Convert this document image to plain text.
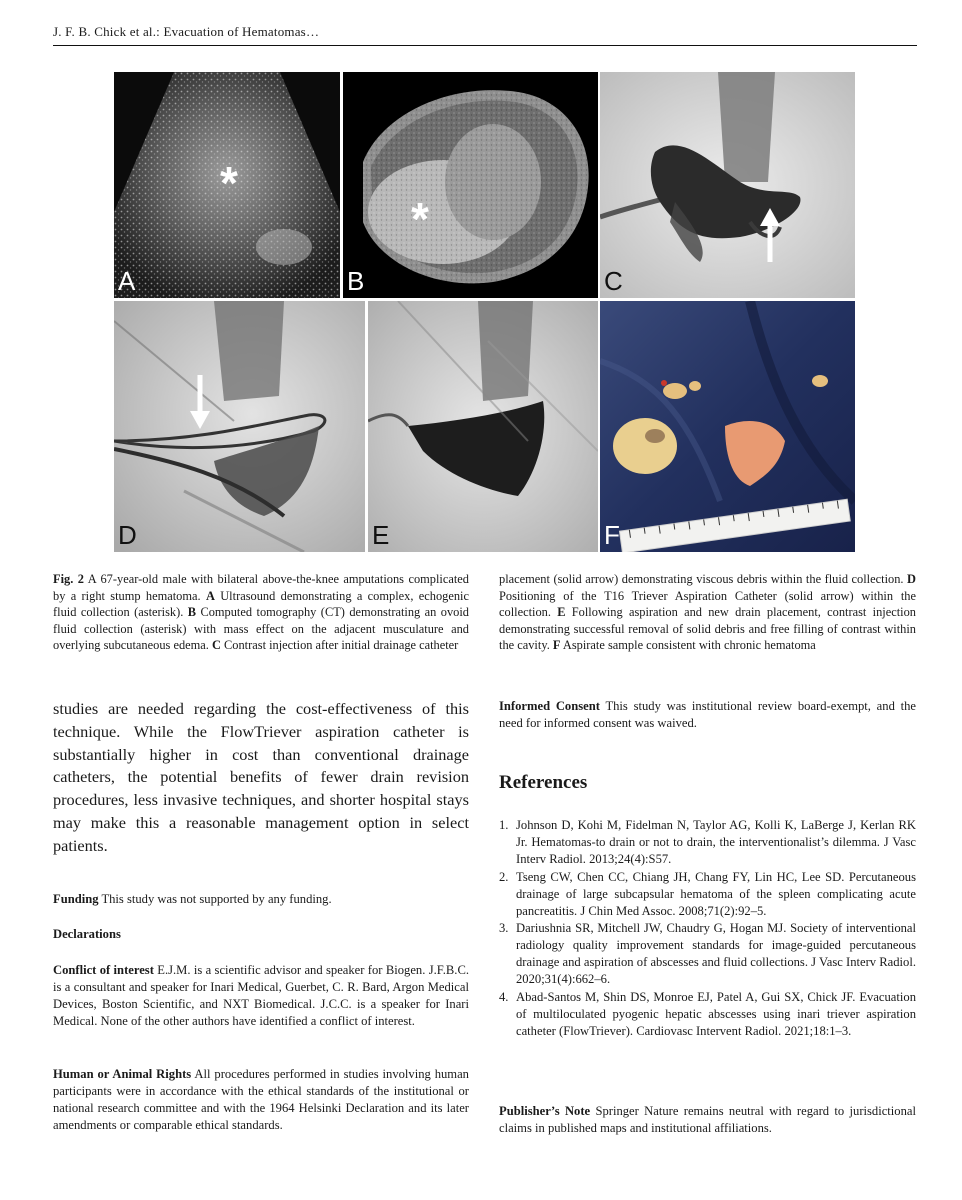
J. F. B. Chick et al.: Evacuation of Hematomas…
*
A
*
B	C
D	E	F
Fig. 2 A 67-year-old male with bilateral above-the-knee amputations complicated by a right stump hematoma. A Ultrasound demonstrating a complex, echogenic fluid collection (asterisk). B Computed tomography (CT) demonstrating an ovoid fluid collection (asterisk) with mass effect on the adjacent musculature and overlying subcutaneous edema. C Contrast injection after initial drainage catheter
placement (solid arrow) demonstrating viscous debris within the fluid collection. D Positioning of the T16 Triever Aspiration Catheter (solid arrow) within the collection. E Following aspiration and new drain placement, contrast injection demonstrating successful removal of solid debris and free filling of contrast within the cavity. F Aspirate sample consistent with chronic hematoma
studies are needed regarding the cost-effectiveness of this technique. While the FlowTriever aspiration catheter is substantially higher in cost than conventional drainage catheters, the potential benefits of fewer drain revision procedures, less invasive techniques, and shorter hospital stays may make this a reasonable management option in select patients.
Funding This study was not supported by any funding.
Declarations
Conflict of interest E.J.M. is a scientific advisor and speaker for Biogen. J.F.B.C. is a consultant and speaker for Inari Medical, Guerbet, C. R. Bard, Argon Medical Devices, Boston Scientific, and NXT Biomedical. J.C.C. is a speaker for Inari Medical. None of the other authors have identified a conflict of interest.
Human or Animal Rights All procedures performed in studies involving human participants were in accordance with the ethical standards of the institutional or national research committee and with the 1964 Helsinki Declaration and its later amendments or comparable ethical standards.
Informed Consent This study was institutional review board-exempt, and the need for informed consent was waived.
References
1. Johnson D, Kohi M, Fidelman N, Taylor AG, Kolli K, LaBerge J, Kerlan RK Jr. Hematomas-to drain or not to drain, the interventionalist’s dilemma. J Vasc Interv Radiol. 2013;24(4):S57.
2. Tseng CW, Chen CC, Chiang JH, Chang FY, Lin HC, Lee SD. Percutaneous drainage of large subcapsular hematoma of the spleen complicating acute pancreatitis. J Chin Med Assoc. 2008;71(2):92–5.
3. Dariushnia SR, Mitchell JW, Chaudry G, Hogan MJ. Society of interventional radiology quality improvement standards for image-guided percutaneous drainage and aspiration of abscesses and fluid collections. J Vasc Interv Radiol. 2020;31(4):662–6.
4. Abad-Santos M, Shin DS, Monroe EJ, Patel A, Gui SX, Chick JF. Evacuation of multiloculated pyogenic hepatic abscesses using inari triever aspiration catheter (FlowTriever). Cardiovasc Intervent Radiol. 2021;18:1–3.
Publisher’s Note Springer Nature remains neutral with regard to jurisdictional claims in published maps and institutional affiliations.
